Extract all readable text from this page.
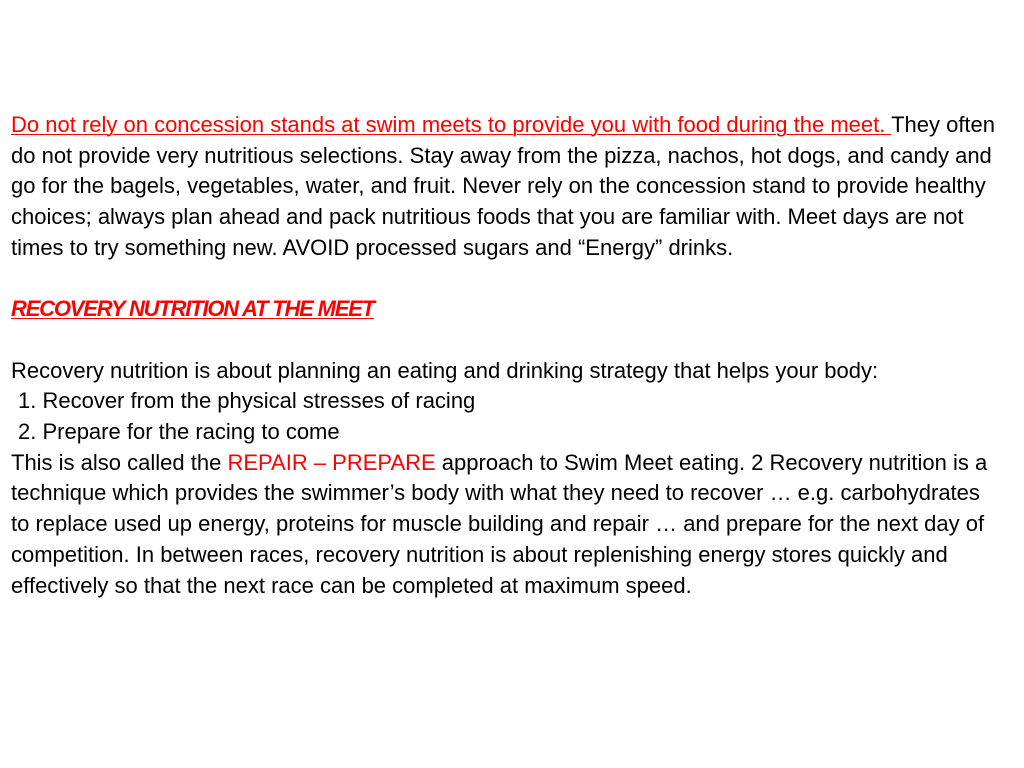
Do not rely on concession stands at swim meets to provide you with food during the meet. They often do not provide very nutritious selections. Stay away from the pizza, nachos, hot dogs, and candy and go for the bagels, vegetables, water, and fruit. Never rely on the concession stand to provide healthy choices; always plan ahead and pack nutritious foods that you are familiar with. Meet days are not times to try something new. AVOID processed sugars and “Energy” drinks.

RECOVERY NUTRITION AT THE MEET

Recovery nutrition is about planning an eating and drinking strategy that helps your body:

1. Recover from the physical stresses of racing

2. Prepare for the racing to come

This is also called the REPAIR – PREPARE approach to Swim Meet eating. 2 Recovery nutrition is a technique which provides the swimmer’s body with what they need to recover … e.g. carbohydrates to replace used up energy, proteins for muscle building and repair … and prepare for the next day of competition. In between races, recovery nutrition is about replenishing energy stores quickly and effectively so that the next race can be completed at maximum speed.
